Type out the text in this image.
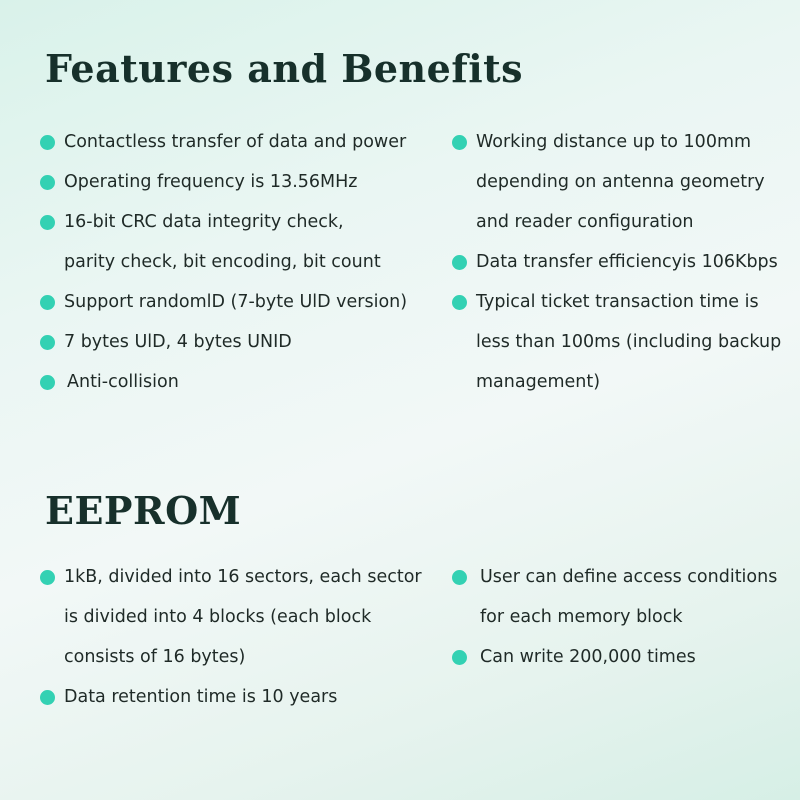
Features and Benefits
Contactless transfer of data and power
Operating frequency is 13.56MHz
16-bit CRC data integrity check,
parity check, bit encoding, bit count
Support randomlD (7-byte UlD version)
7 bytes UlD, 4 bytes UNID
Anti-collision
Working distance up to 100mm
depending on antenna geometry
and reader configuration
Data transfer efficiencyis 106Kbps
Typical ticket transaction time is
less than 100ms (including backup
management)
EEPROM
1kB, divided into 16 sectors, each sector
is divided into 4 blocks (each block
consists of 16 bytes)
Data retention time is 10 years
User can define access conditions
for each memory block
Can write 200,000 times
